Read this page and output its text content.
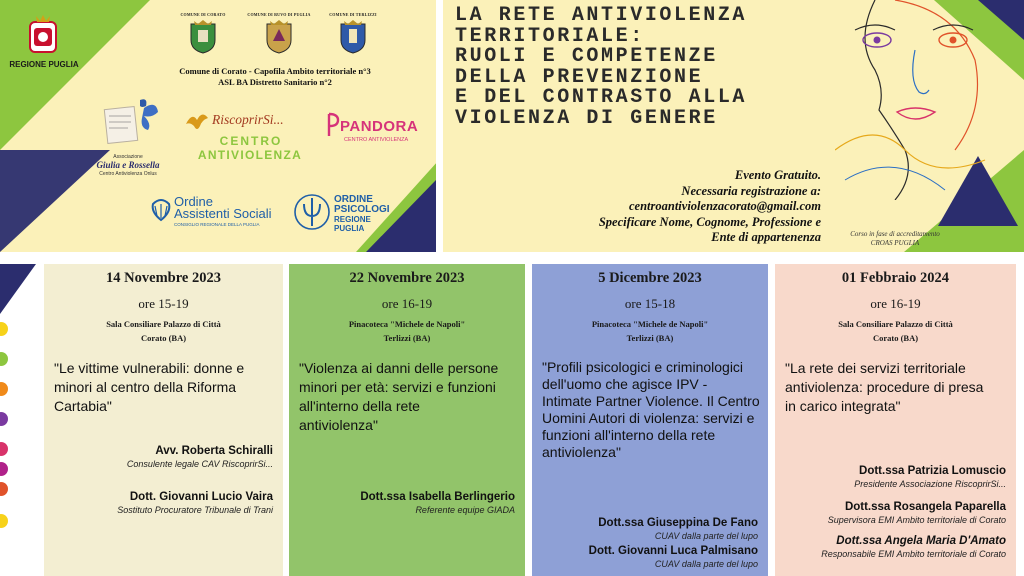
REGIONE PUGLIA
COMUNE DI CORATO	COMUNE DI RUVO DI PUGLIA	COMUNE DI TERLIZZI
Comune di Corato - Capofila Ambito territoriale n°3
ASL BA Distretto Sanitario n°2
Associazione
Giulia e Rossella
Centro Antiviolenza Onlus
RiscoprirSi...
CENTRO
ANTIVIOLENZA
PANDORA
CENTRO ANTIVIOLENZA
Ordine
Assistenti Sociali
CONSIGLIO REGIONALE DELLA PUGLIA
ORDINE
PSICOLOGI
REGIONE
PUGLIA
LA RETE ANTIVIOLENZA
TERRITORIALE:
RUOLI E COMPETENZE
DELLA PREVENZIONE
E DEL CONTRASTO ALLA
VIOLENZA DI GENERE
Evento Gratuito.
Necessaria registrazione a:
centroantiviolenzacorato@gmail.com
Specificare Nome, Cognome, Professione e
Ente di appartenenza	Corso in fase di accreditamento
CROAS PUGLIA
14 Novembre 2023
ore 15-19
Sala Consiliare Palazzo di Città
Corato (BA)
"Le vittime vulnerabili: donne e minori al centro della Riforma Cartabia"
Avv. Roberta Schiralli
Consulente legale CAV RiscoprirSi...
Dott. Giovanni Lucio Vaira
Sostituto Procuratore Tribunale di Trani
22 Novembre 2023
ore 16-19
Pinacoteca "Michele de Napoli"
Terlizzi (BA)
"Violenza ai danni delle persone minori per età: servizi e funzioni all'interno della rete antiviolenza"
Dott.ssa Isabella Berlingerio
Referente equipe GIADA
5 Dicembre 2023
ore 15-18
Pinacoteca "Michele de Napoli"
Terlizzi (BA)
"Profili psicologici e criminologici dell'uomo che agisce IPV - Intimate Partner Violence. Il Centro Uomini Autori di violenza: servizi e funzioni all'interno della rete antiviolenza"
Dott.ssa Giuseppina De Fano
CUAV dalla parte del lupo
Dott. Giovanni Luca Palmisano
CUAV dalla parte del lupo
01 Febbraio 2024
ore 16-19
Sala Consiliare Palazzo di Città
Corato (BA)
"La rete dei servizi territoriale antiviolenza: procedure di presa in carico integrata"
Dott.ssa Patrizia Lomuscio
Presidente Associazione RiscoprirSi...
Dott.ssa Rosangela Paparella
Supervisora EMI Ambito territoriale di Corato
Dott.ssa Angela Maria D'Amato
Responsabile EMI Ambito territoriale di Corato
